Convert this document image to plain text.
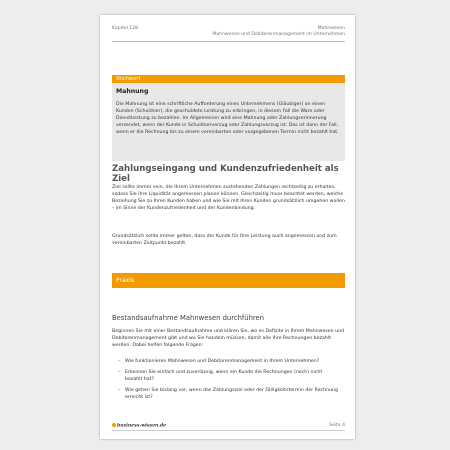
Kapitel 128	Mahnwesen
Mahnwesen und Debitorenmanagement im Unternehmen
Stichwort
Mahnung

Die Mahnung ist eine schriftliche Aufforderung eines Unternehmens (Gläubiger) an einen Kunden (Schuldner), die geschuldete Leistung zu erbringen, in diesem Fall die Ware oder Dienstleistung zu bezahlen. Im Allgemeinen wird eine Mahnung oder Zahlungserinnerung versendet, wenn der Kunde in Schuldnerverzug oder Zahlungsverzug ist. Das ist dann der Fall, wenn er die Rechnung bis zu einem vereinbarten oder vorgegebenen Termin nicht bezahlt hat.

Zahlungseingang und Kundenzufriedenheit als Ziel

Ziel sollte immer sein, die Ihrem Unternehmen zustehenden Zahlungen rechtzeitig zu erhalten, sodass Sie ihre Liquidität angemessen planen können. Gleichzeitig muss beachtet werden, welche Beziehung Sie zu Ihren Kunden haben und wie Sie mit Ihren Kunden grundsätzlich umgehen wollen – im Sinne der Kundenzufriedenheit und der Kundenbindung.

Grundsätzlich sollte immer gelten, dass der Kunde für Ihre Leistung auch angemessen und zum vereinbarten Zeitpunkt bezahlt.

Praxis
Bestandsaufnahme Mahnwesen durchführen

Beginnen Sie mit einer Bestandsaufnahme und klären Sie, wo es Defizite in Ihrem Mahnwesen und Debitorenmanagement gibt und wo Sie handeln müssen, damit alle Ihre Rechnungen bezahlt werden. Dabei helfen folgende Fragen:

– Wie funktionieren Mahnwesen und Debitorenmanagement in Ihrem Unternehmen?
– Erkennen Sie einfach und zuverlässig, wenn ein Kunde die Rechnungen (noch) nicht bezahlt hat?
– Wie gehen Sie bislang vor, wenn das Zahlungsziel oder der Fälligkeitstermin der Rechnung erreicht ist?
business-wissen.de	Seite 4
